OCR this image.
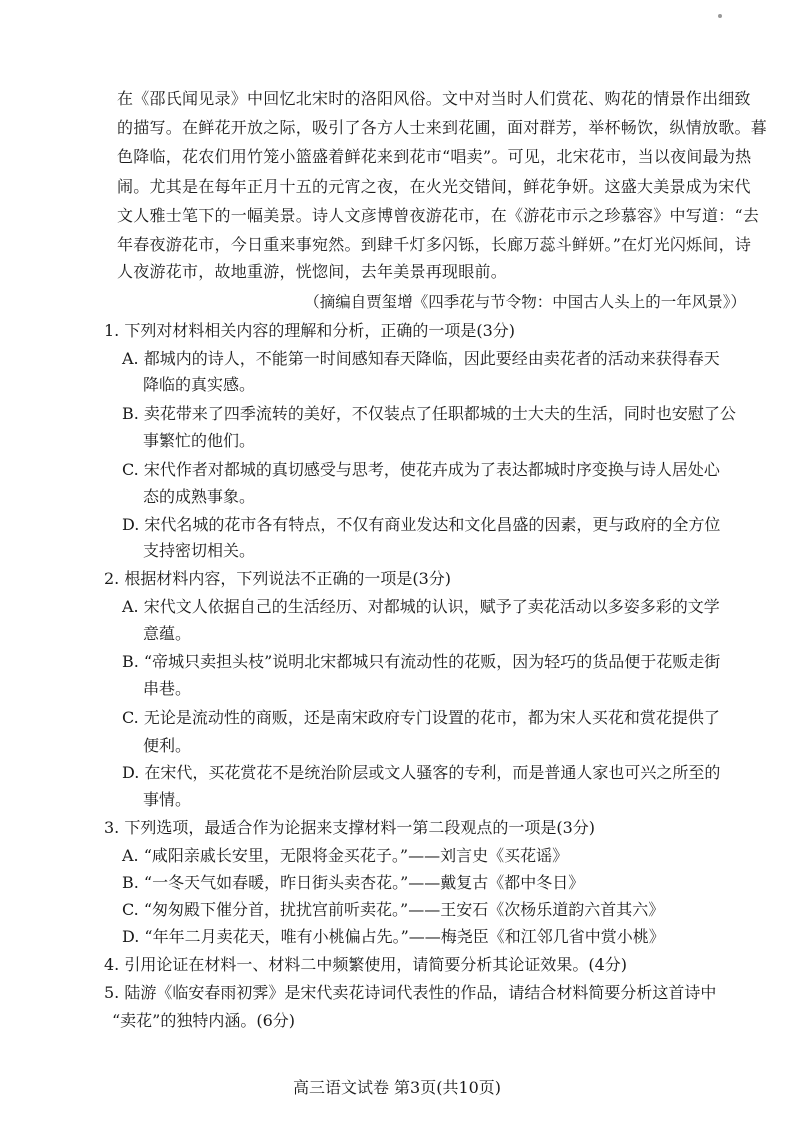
在《邵氏闻见录》中回忆北宋时的洛阳风俗。文中对当时人们赏花、购花的情景作出细致
的描写。在鲜花开放之际，吸引了各方人士来到花圃，面对群芳，举杯畅饮，纵情放歌。暮
色降临，花农们用竹笼小篮盛着鲜花来到花市“唱卖”。可见，北宋花市，当以夜间最为热
闹。尤其是在每年正月十五的元宵之夜，在火光交错间，鲜花争妍。这盛大美景成为宋代
文人雅士笔下的一幅美景。诗人文彦博曾夜游花市，在《游花市示之珍慕容》中写道：“去
年春夜游花市，今日重来事宛然。到肆千灯多闪铄，长廊万蕊斗鲜妍。”在灯光闪烁间，诗
人夜游花市，故地重游，恍惚间，去年美景再现眼前。
（摘编自贾玺增《四季花与节令物：中国古人头上的一年风景》）
1. 下列对材料相关内容的理解和分析，正确的一项是(3分)
A. 都城内的诗人，不能第一时间感知春天降临，因此要经由卖花者的活动来获得春天
降临的真实感。
B. 卖花带来了四季流转的美好，不仅装点了任职都城的士大夫的生活，同时也安慰了公
事繁忙的他们。
C. 宋代作者对都城的真切感受与思考，使花卉成为了表达都城时序变换与诗人居处心
态的成熟事象。
D. 宋代名城的花市各有特点，不仅有商业发达和文化昌盛的因素，更与政府的全方位
支持密切相关。
2. 根据材料内容，下列说法不正确的一项是(3分)
A. 宋代文人依据自己的生活经历、对都城的认识，赋予了卖花活动以多姿多彩的文学
意蕴。
B. “帝城只卖担头枝”说明北宋都城只有流动性的花贩，因为轻巧的货品便于花贩走街
串巷。
C. 无论是流动性的商贩，还是南宋政府专门设置的花市，都为宋人买花和赏花提供了
便利。
D. 在宋代，买花赏花不是统治阶层或文人骚客的专利，而是普通人家也可兴之所至的
事情。
3. 下列选项，最适合作为论据来支撑材料一第二段观点的一项是(3分)
A. “咸阳亲戚长安里，无限将金买花子。”——刘言史《买花谣》
B. “一冬天气如春暖，昨日街头卖杏花。”——戴复古《都中冬日》
C. “匆匆殿下催分首，扰扰宫前听卖花。”——王安石《次杨乐道韵六首其六》
D. “年年二月卖花天，唯有小桃偏占先。”——梅尧臣《和江邻几省中赏小桃》
4. 引用论证在材料一、材料二中频繁使用，请简要分析其论证效果。(4分)
5. 陆游《临安春雨初霁》是宋代卖花诗词代表性的作品，请结合材料简要分析这首诗中
“卖花”的独特内涵。(6分)
高三语文试卷 第3页(共10页)
